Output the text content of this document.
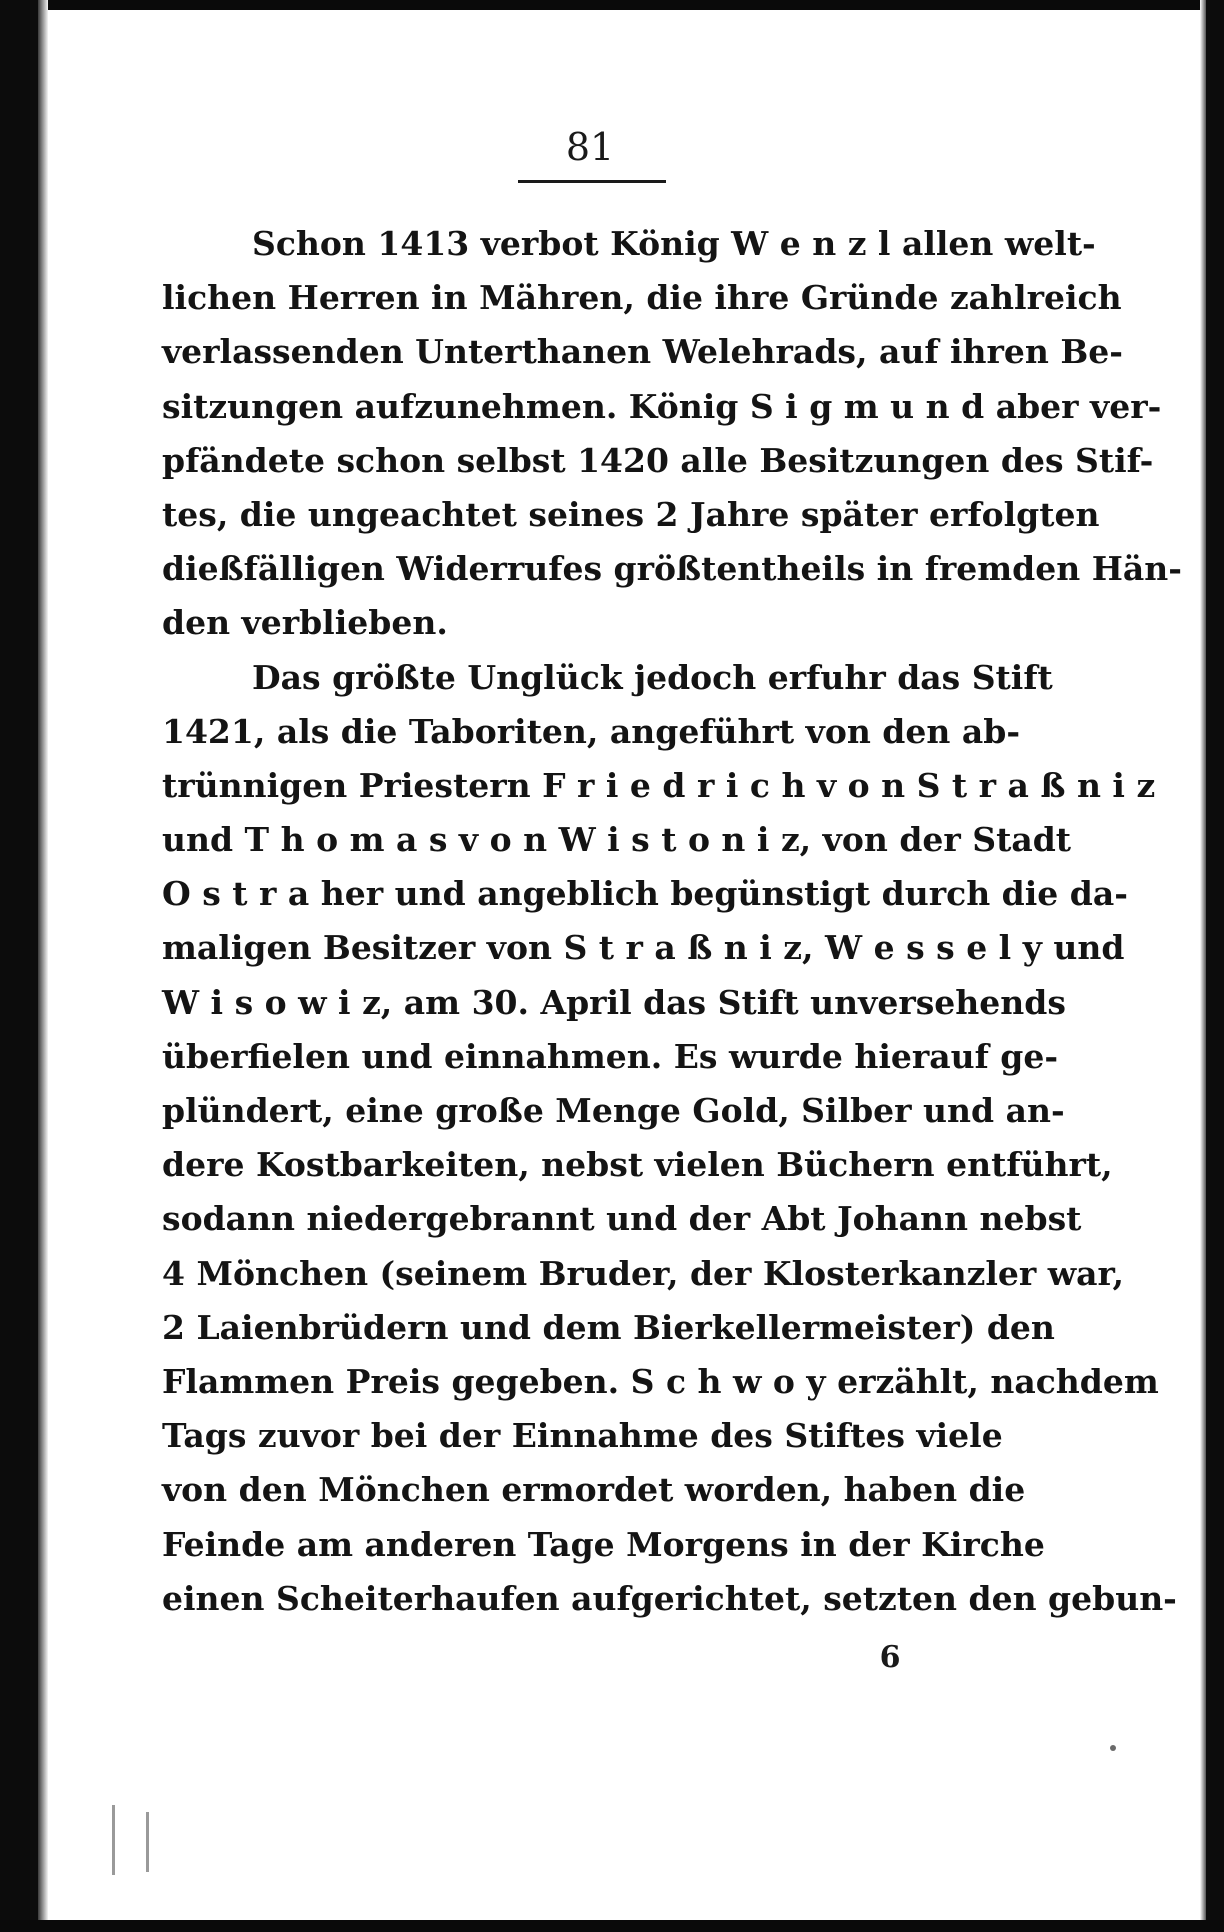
81
Schon 1413 verbot König W e n z l allen welt-
lichen Herren in Mähren, die ihre Gründe zahlreich
verlassenden Unterthanen Welehrads, auf ihren Be-
sitzungen aufzunehmen. König S i g m u n d aber ver-
pfändete schon selbst 1420 alle Besitzungen des Stif-
tes, die ungeachtet seines 2 Jahre später erfolgten
dießfälligen Widerrufes größtentheils in fremden Hän-
den verblieben.
Das größte Unglück jedoch erfuhr das Stift
1421, als die Taboriten, angeführt von den ab-
trünnigen Priestern F r i e d r i c h v o n S t r a ß n i z
und T h o m a s v o n W i s t o n i z, von der Stadt
O s t r a her und angeblich begünstigt durch die da-
maligen Besitzer von S t r a ß n i z, W e s s e l y und
W i s o w i z, am 30. April das Stift unversehends
überfielen und einnahmen. Es wurde hierauf ge-
plündert, eine große Menge Gold, Silber und an-
dere Kostbarkeiten, nebst vielen Büchern entführt,
sodann niedergebrannt und der Abt Johann nebst
4 Mönchen (seinem Bruder, der Klosterkanzler war,
2 Laienbrüdern und dem Bierkellermeister) den
Flammen Preis gegeben. S c h w o y erzählt, nachdem
Tags zuvor bei der Einnahme des Stiftes viele
von den Mönchen ermordet worden, haben die
Feinde am anderen Tage Morgens in der Kirche
einen Scheiterhaufen aufgerichtet, setzten den gebun-
6
